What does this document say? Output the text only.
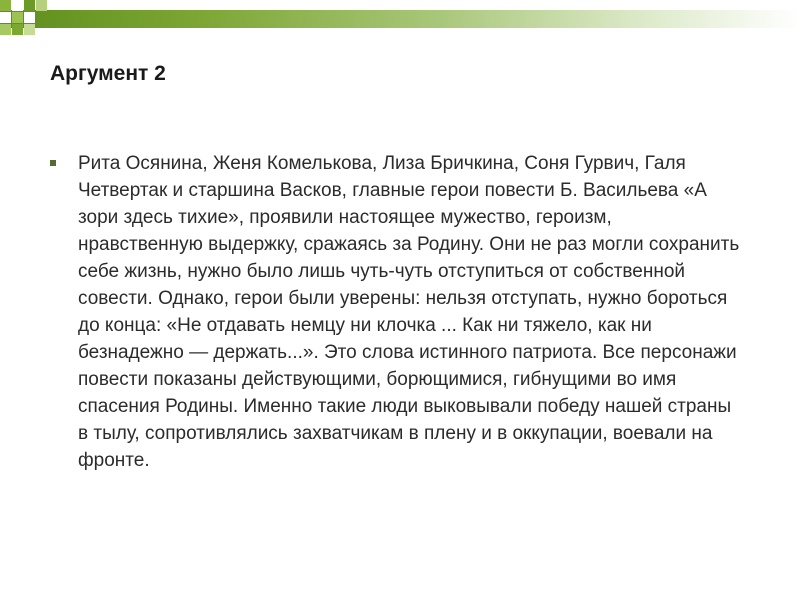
Аргумент 2
Рита Осянина, Женя Комелькова, Лиза Бричкина, Соня Гурвич, Галя Четвертак и старшина Васков, главные герои повести Б. Васильева «А зори здесь тихие», проявили настоящее мужество, героизм, нравственную выдержку, сражаясь за Родину. Они не раз могли сохранить себе жизнь, нужно было лишь чуть-чуть отступиться от собственной совести. Однако, герои были уверены: нельзя отступать, нужно бороться до конца: «Не отдавать немцу ни клочка ... Как ни тяжело, как ни безнадежно — держать...». Это слова истинного патриота. Все персонажи повести показаны действующими, борющимися, гибнущими во имя спасения Родины. Именно такие люди выковывали победу нашей страны в тылу, сопротивлялись захватчикам в плену и в оккупации, воевали на фронте.
